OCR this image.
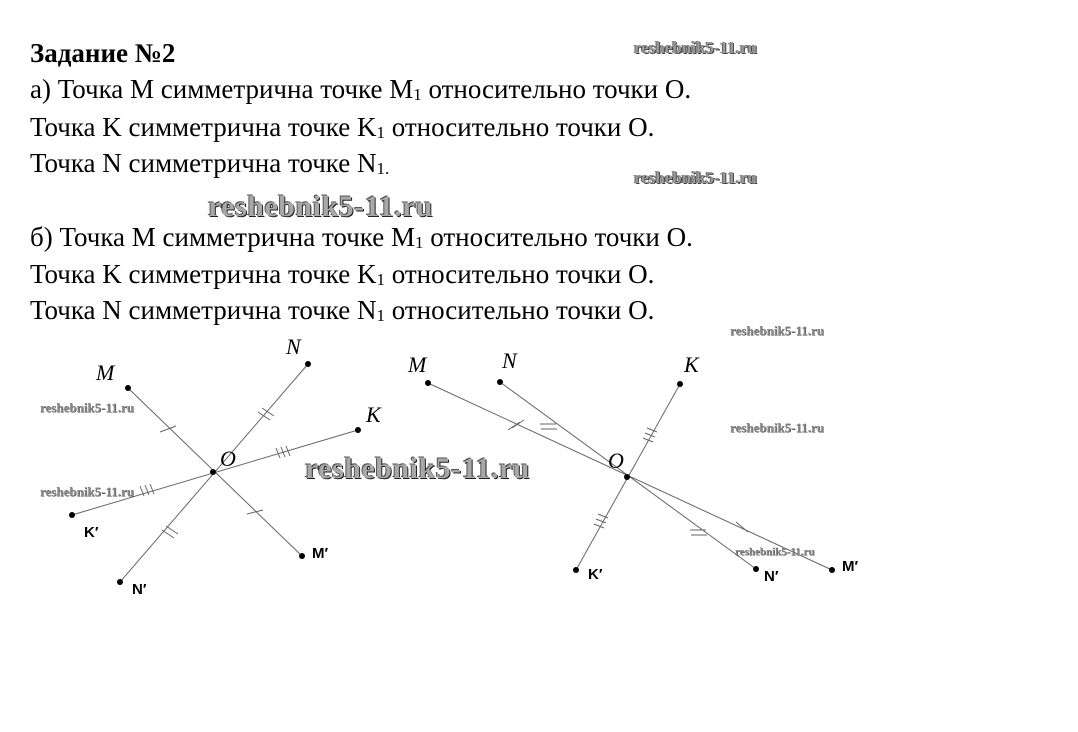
Задание №2
а) Точка M симметрична точке $M_1$ относительно точки O.
Точка K симметрична точке $K_1$ относительно точки O.
Точка N симметрична точке $N_{1.}$
б) Точка M симметрична точке $M_1$ относительно точки O.
Точка K симметрична точке $K_1$ относительно точки O.
Точка N симметрична точке $N_1$ относительно точки O.
M
N
K
O
M′
N′
K′
M	N	K
O
M′
N′
K′
reshebnik5-11.ru
reshebnik5-11.ru
reshebnik5-11.ru
reshebnik5-11.ru
reshebnik5-11.ru
reshebnik5-11.ru
reshebnik5-11.ru
reshebnik5-11.ru
reshebnik5-11.ru
